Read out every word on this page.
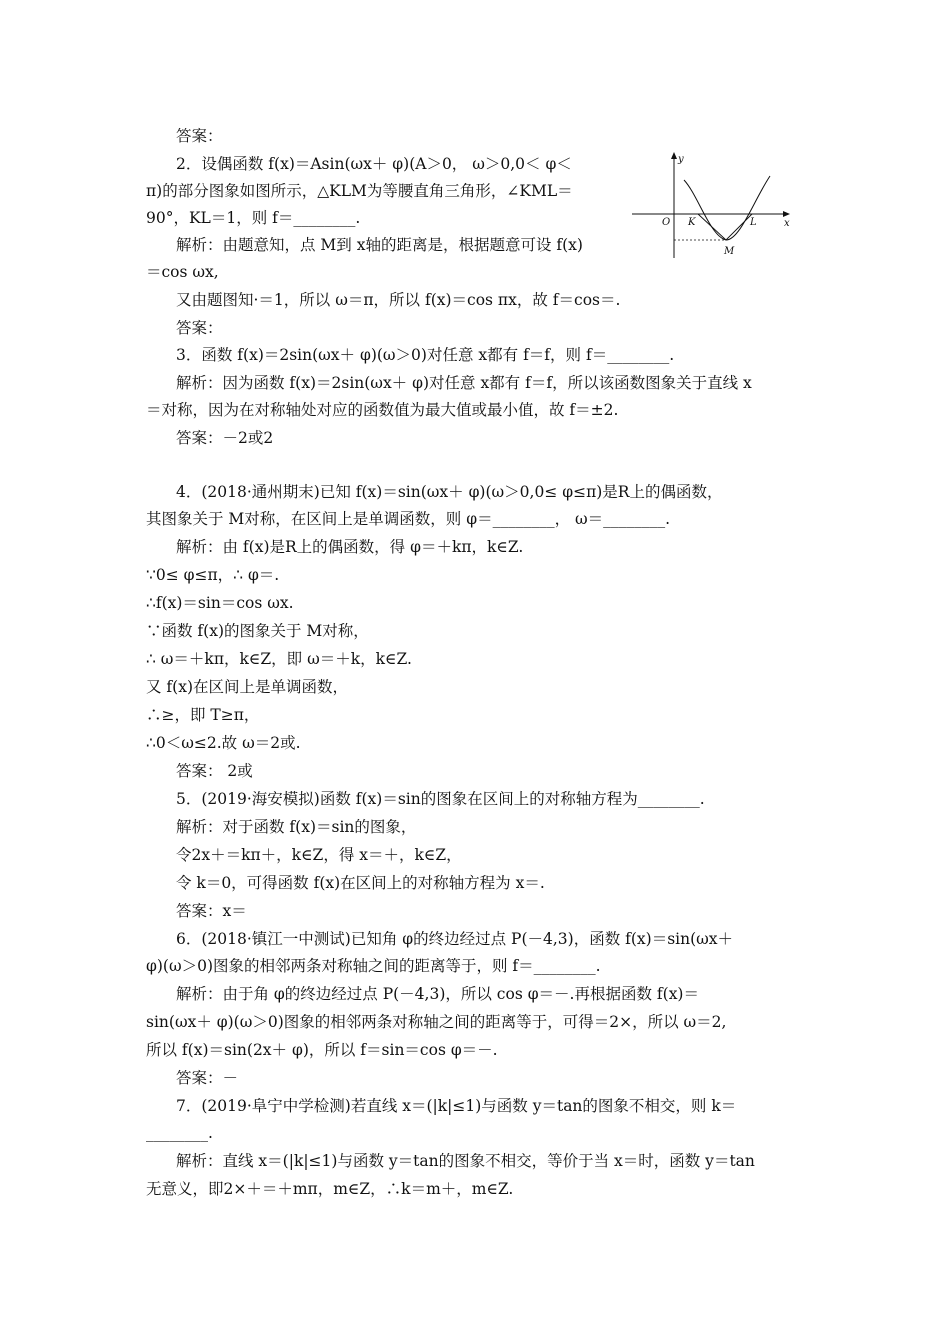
答案：
2．设偶函数 f(x)＝Asin(ωx＋ φ)(A＞0， ω＞0,0＜ φ＜
π)的部分图象如图所示，△KLM为等腰直角三角形，∠KML＝
90°，KL＝1，则 f＝________.
解析：由题意知，点 M到 x轴的距离是，根据题意可设 f(x)
＝cos ωx,
又由题图知·＝1，所以 ω＝π，所以 f(x)＝cos πx，故 f＝cos＝.
答案：
3．函数 f(x)＝2sin(ωx＋ φ)(ω＞0)对任意 x都有 f＝f，则 f＝________.
解析：因为函数 f(x)＝2sin(ωx＋ φ)对任意 x都有 f＝f，所以该函数图象关于直线 x
＝对称，因为在对称轴处对应的函数值为最大值或最小值，故 f＝±2.
答案：－2或2
4．(2018·通州期末)已知 f(x)＝sin(ωx＋ φ)(ω＞0,0≤ φ≤π)是R上的偶函数，
其图象关于 M对称，在区间上是单调函数，则 φ＝________， ω＝________.
解析：由 f(x)是R上的偶函数，得 φ＝＋kπ，k∈Z.
∵0≤ φ≤π，∴ φ＝.
∴f(x)＝sin＝cos ωx.
∵函数 f(x)的图象关于 M对称，
∴ ω＝＋kπ，k∈Z，即 ω＝＋k，k∈Z.
又 f(x)在区间上是单调函数，
∴≥，即 T≥π，
∴0＜ω≤2.故 ω＝2或.
答案： 2或
5．(2019·海安模拟)函数 f(x)＝sin的图象在区间上的对称轴方程为________.
解析：对于函数 f(x)＝sin的图象，
令2x＋＝kπ＋，k∈Z，得 x＝＋，k∈Z，
令 k＝0，可得函数 f(x)在区间上的对称轴方程为 x＝.
答案：x＝
6．(2018·镇江一中测试)已知角 φ的终边经过点 P(－4,3)，函数 f(x)＝sin(ωx＋
φ)(ω＞0)图象的相邻两条对称轴之间的距离等于，则 f＝________.
解析：由于角 φ的终边经过点 P(－4,3)，所以 cos φ＝－.再根据函数 f(x)＝
sin(ωx＋ φ)(ω＞0)图象的相邻两条对称轴之间的距离等于，可得＝2×，所以 ω＝2,
所以 f(x)＝sin(2x＋ φ)，所以 f＝sin＝cos φ＝－.
答案：－
7．(2019·阜宁中学检测)若直线 x＝(|k|≤1)与函数 y＝tan的图象不相交，则 k＝
________.
解析：直线 x＝(|k|≤1)与函数 y＝tan的图象不相交，等价于当 x＝时，函数 y＝tan
无意义，即2×＋＝＋mπ，m∈Z，∴k＝m＋，m∈Z.
y
x
O K	L
M
